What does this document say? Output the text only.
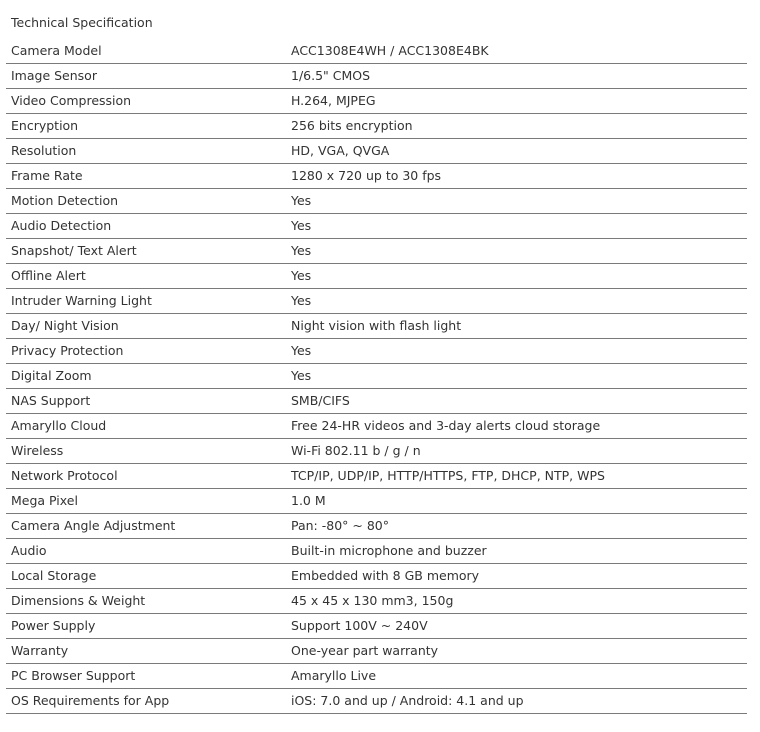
Technical Specification
Camera Model	ACC1308E4WH / ACC1308E4BK
Image Sensor	1/6.5" CMOS
Video Compression	H.264, MJPEG
Encryption	256 bits encryption
Resolution	HD, VGA, QVGA
Frame Rate	1280 x 720 up to 30 fps
Motion Detection	Yes
Audio Detection	Yes
Snapshot/ Text Alert	Yes
Offline Alert	Yes
Intruder Warning Light	Yes
Day/ Night Vision	Night vision with flash light
Privacy Protection	Yes
Digital Zoom	Yes
NAS Support	SMB/CIFS
Amaryllo Cloud	Free 24-HR videos and 3-day alerts cloud storage
Wireless	Wi-Fi 802.11 b / g / n
Network Protocol	TCP/IP, UDP/IP, HTTP/HTTPS, FTP, DHCP, NTP, WPS
Mega Pixel	1.0 M
Camera Angle Adjustment	Pan: -80° ~ 80°
Audio	Built-in microphone and buzzer
Local Storage	Embedded with 8 GB memory
Dimensions & Weight	45 x 45 x 130 mm3, 150g
Power Supply	Support 100V ~ 240V
Warranty	One-year part warranty
PC Browser Support	Amaryllo Live
OS Requirements for App	iOS: 7.0 and up / Android: 4.1 and up
